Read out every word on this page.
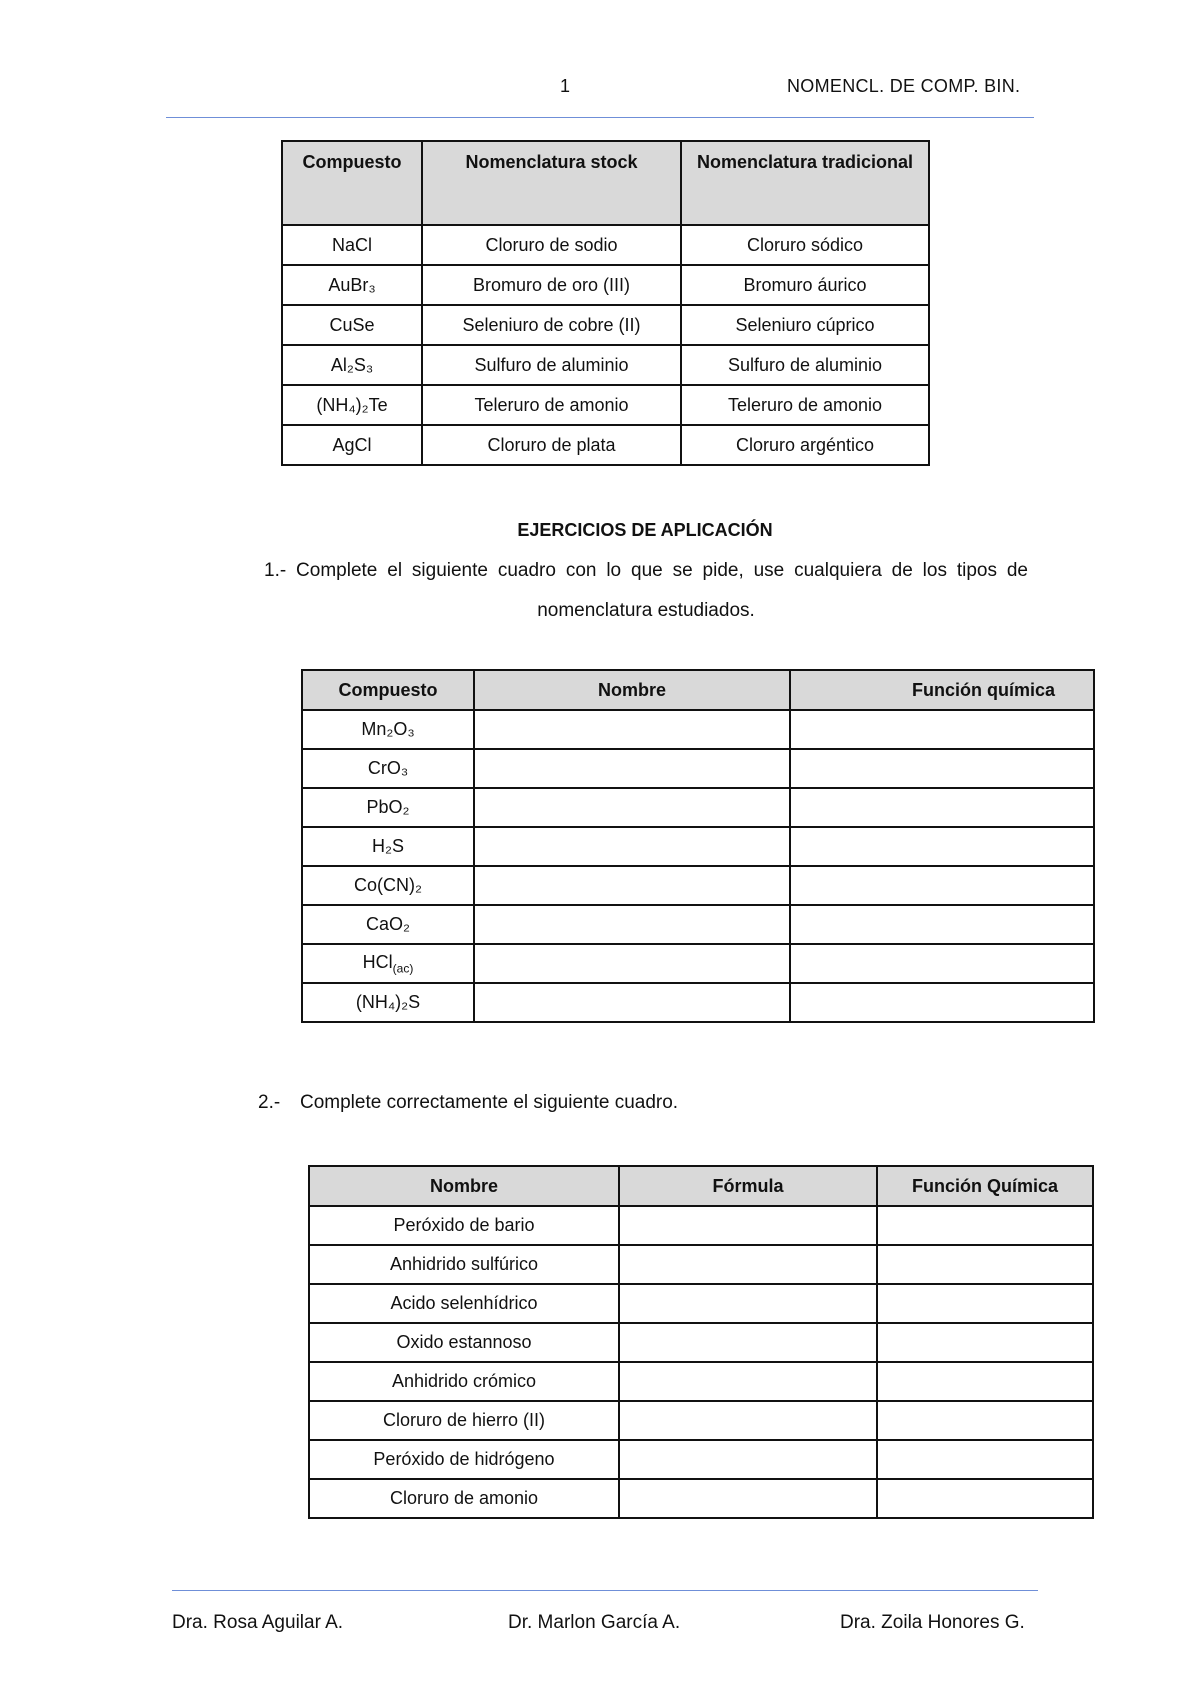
1	NOMENCL. DE COMP. BIN.
Compuesto	Nomenclatura stock	Nomenclatura tradicional
NaCl	Cloruro de sodio	Cloruro sódico
AuBr₃	Bromuro de oro (III)	Bromuro áurico
CuSe	Seleniuro de cobre (II)	Seleniuro cúprico
Al₂S₃	Sulfuro de aluminio	Sulfuro de aluminio
(NH₄)₂Te	Teleruro de amonio	Teleruro de amonio
AgCl	Cloruro de plata	Cloruro argéntico
EJERCICIOS DE APLICACIÓN
1.- Complete el siguiente cuadro con lo que se pide, use cualquiera de los tipos de
nomenclatura estudiados.
Compuesto	Nombre	Función química
Mn₂O₃		
CrO₃		
PbO₂		
H₂S		
Co(CN)₂		
CaO₂		
HCl$_{(ac)}$		
(NH₄)₂S		
2.- Complete correctamente el siguiente cuadro.
Nombre	Fórmula	Función Química
Peróxido de bario		
Anhidrido sulfúrico		
Acido selenhídrico		
Oxido estannoso		
Anhidrido crómico		
Cloruro de hierro (II)		
Peróxido de hidrógeno		
Cloruro de amonio		
Dra. Rosa Aguilar A.	Dr. Marlon García A.	Dra. Zoila Honores G.
